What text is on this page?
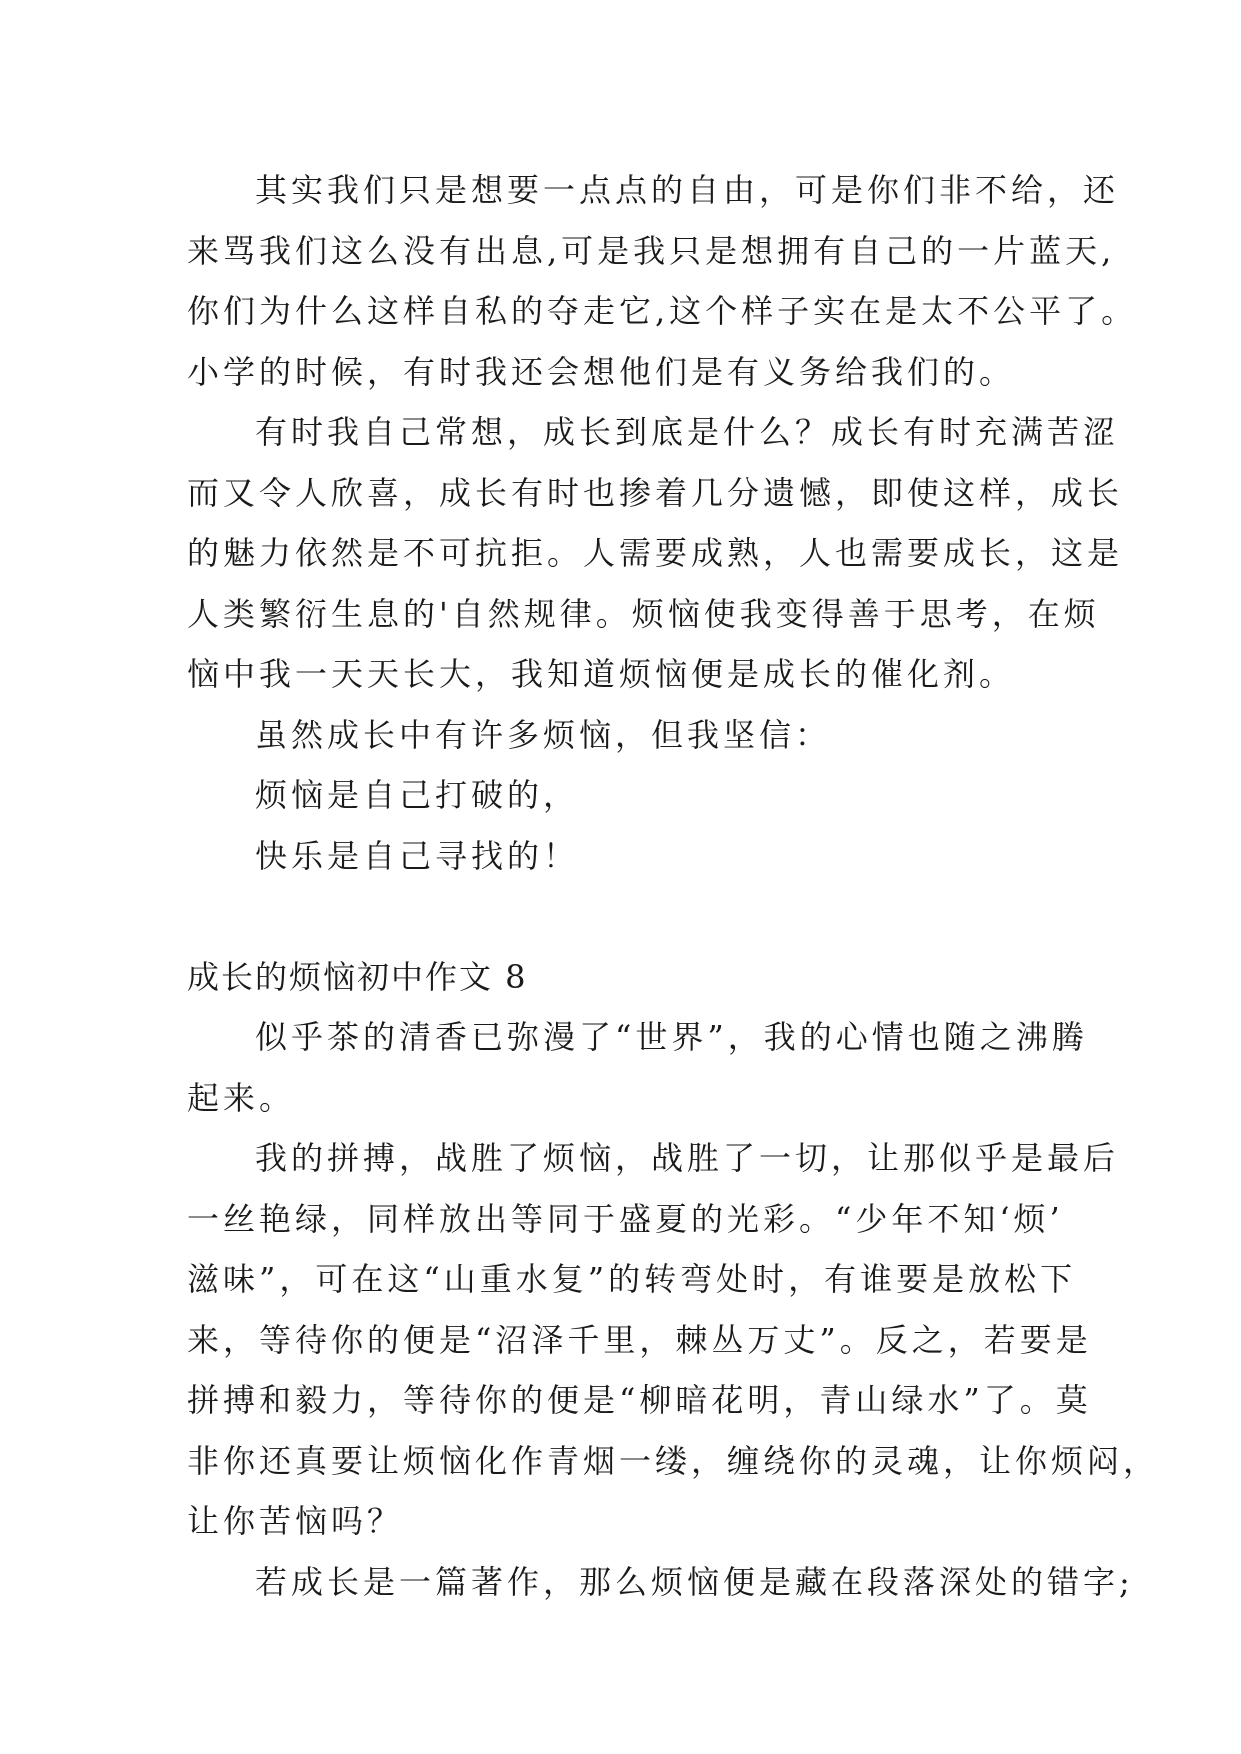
其实我们只是想要一点点的自由，可是你们非不给，还
来骂我们这么没有出息,可是我只是想拥有自己的一片蓝天,
你们为什么这样自私的夺走它,这个样子实在是太不公平了。
小学的时候，有时我还会想他们是有义务给我们的。
有时我自己常想，成长到底是什么？成长有时充满苦涩
而又令人欣喜，成长有时也掺着几分遗憾，即使这样，成长
的魅力依然是不可抗拒。人需要成熟，人也需要成长，这是
人类繁衍生息的'自然规律。烦恼使我变得善于思考，在烦
恼中我一天天长大，我知道烦恼便是成长的催化剂。
虽然成长中有许多烦恼，但我坚信：
烦恼是自己打破的，
快乐是自己寻找的！
成长的烦恼初中作文 8
似乎茶的清香已弥漫了“世界”，我的心情也随之沸腾
起来。
我的拼搏，战胜了烦恼，战胜了一切，让那似乎是最后
一丝艳绿，同样放出等同于盛夏的光彩。“少年不知‘烦’
滋味”，可在这“山重水复”的转弯处时，有谁要是放松下
来，等待你的便是“沼泽千里，棘丛万丈”。反之，若要是
拼搏和毅力，等待你的便是“柳暗花明，青山绿水”了。莫
非你还真要让烦恼化作青烟一缕，缠绕你的灵魂，让你烦闷，
让你苦恼吗？
若成长是一篇著作，那么烦恼便是藏在段落深处的错字;
